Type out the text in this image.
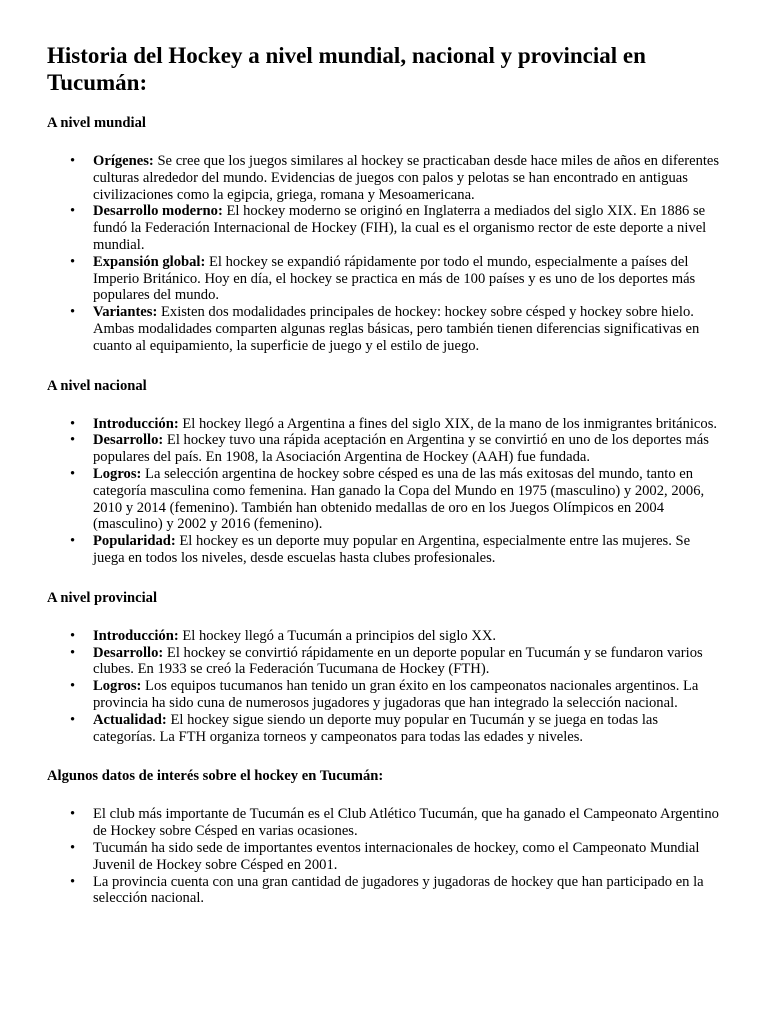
Historia del Hockey a nivel mundial, nacional y provincial en Tucumán:
A nivel mundial
• Orígenes: Se cree que los juegos similares al hockey se practicaban desde hace miles de años en diferentes culturas alrededor del mundo. Evidencias de juegos con palos y pelotas se han encontrado en antiguas civilizaciones como la egipcia, griega, romana y Mesoamericana.
• Desarrollo moderno: El hockey moderno se originó en Inglaterra a mediados del siglo XIX. En 1886 se fundó la Federación Internacional de Hockey (FIH), la cual es el organismo rector de este deporte a nivel mundial.
• Expansión global: El hockey se expandió rápidamente por todo el mundo, especialmente a países del Imperio Británico. Hoy en día, el hockey se practica en más de 100 países y es uno de los deportes más populares del mundo.
• Variantes: Existen dos modalidades principales de hockey: hockey sobre césped y hockey sobre hielo. Ambas modalidades comparten algunas reglas básicas, pero también tienen diferencias significativas en cuanto al equipamiento, la superficie de juego y el estilo de juego.
A nivel nacional
• Introducción: El hockey llegó a Argentina a fines del siglo XIX, de la mano de los inmigrantes británicos.
• Desarrollo: El hockey tuvo una rápida aceptación en Argentina y se convirtió en uno de los deportes más populares del país. En 1908, la Asociación Argentina de Hockey (AAH) fue fundada.
• Logros: La selección argentina de hockey sobre césped es una de las más exitosas del mundo, tanto en categoría masculina como femenina. Han ganado la Copa del Mundo en 1975 (masculino) y 2002, 2006, 2010 y 2014 (femenino). También han obtenido medallas de oro en los Juegos Olímpicos en 2004 (masculino) y 2002 y 2016 (femenino).
• Popularidad: El hockey es un deporte muy popular en Argentina, especialmente entre las mujeres. Se juega en todos los niveles, desde escuelas hasta clubes profesionales.
A nivel provincial
• Introducción: El hockey llegó a Tucumán a principios del siglo XX.
• Desarrollo: El hockey se convirtió rápidamente en un deporte popular en Tucumán y se fundaron varios clubes. En 1933 se creó la Federación Tucumana de Hockey (FTH).
• Logros: Los equipos tucumanos han tenido un gran éxito en los campeonatos nacionales argentinos. La provincia ha sido cuna de numerosos jugadores y jugadoras que han integrado la selección nacional.
• Actualidad: El hockey sigue siendo un deporte muy popular en Tucumán y se juega en todas las categorías. La FTH organiza torneos y campeonatos para todas las edades y niveles.
Algunos datos de interés sobre el hockey en Tucumán:
• El club más importante de Tucumán es el Club Atlético Tucumán, que ha ganado el Campeonato Argentino de Hockey sobre Césped en varias ocasiones.
• Tucumán ha sido sede de importantes eventos internacionales de hockey, como el Campeonato Mundial Juvenil de Hockey sobre Césped en 2001.
• La provincia cuenta con una gran cantidad de jugadores y jugadoras de hockey que han participado en la selección nacional.
